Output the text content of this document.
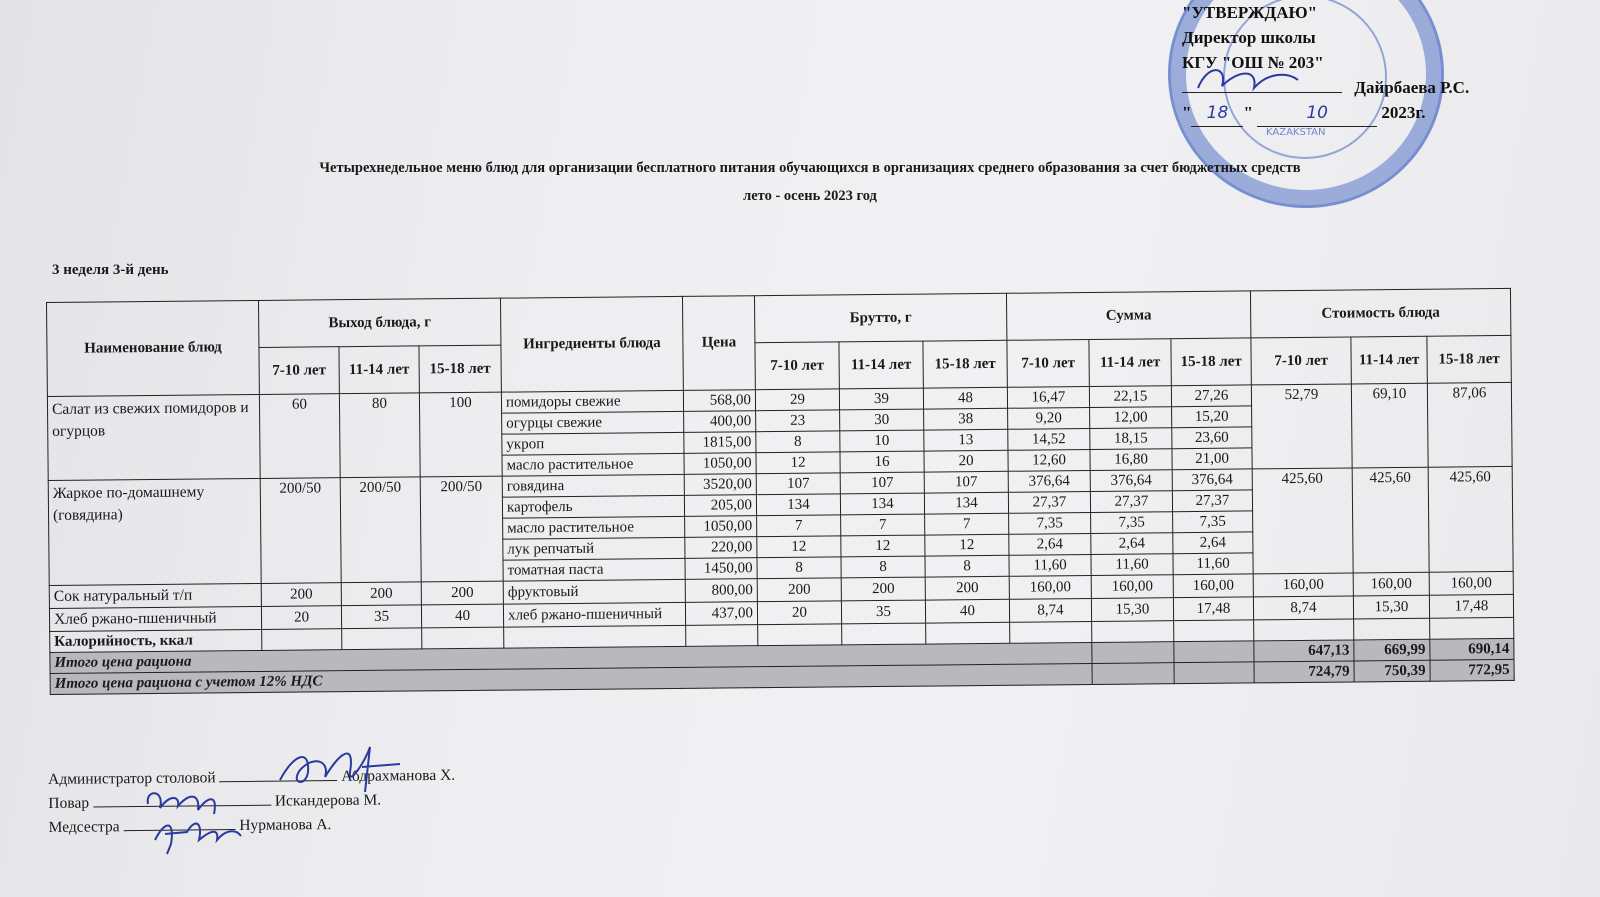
KAZAKSTAN
"УТВЕРЖДАЮ"
Директор школы
КГУ "ОШ № 203"
Дайрбаева Р.С.
" 18 "	10	2023г.
Четырехнедельное меню блюд для организации бесплатного питания обучающихся в организациях среднего образования за счет бюджетных средств
лето - осень 2023 год
3 неделя 3-й день
Наименование блюд	Выход блюда, г			Ингредиенты блюда	Цена	Брутто, г			Сумма			Стоимость блюда		
	7-10 лет	11-14 лет	15-18 лет			7-10 лет	11-14 лет	15-18 лет	7-10 лет	11-14 лет	15-18 лет	7-10 лет	11-14 лет	15-18 лет
Салат из свежих помидоров и огурцов	60	80	100	помидоры свежие	568,00	29	39	48	16,47	22,15	27,26	52,79	69,10	87,06
				огурцы свежие	400,00	23	30	38	9,20	12,00	15,20			
				укроп	1815,00	8	10	13	14,52	18,15	23,60			
				масло растительное	1050,00	12	16	20	12,60	16,80	21,00			
Жаркое по-домашнему (говядина)	200/50	200/50	200/50	говядина	3520,00	107	107	107	376,64	376,64	376,64	425,60	425,60	425,60
				картофель	205,00	134	134	134	27,37	27,37	27,37			
				масло растительное	1050,00	7	7	7	7,35	7,35	7,35			
				лук репчатый	220,00	12	12	12	2,64	2,64	2,64			
				томатная паста	1450,00	8	8	8	11,60	11,60	11,60			
Сок натуральный т/п	200	200	200	фруктовый	800,00	200	200	200	160,00	160,00	160,00	160,00	160,00	160,00
Хлеб ржано-пшеничный	20	35	40	хлеб ржано-пшеничный	437,00	20	35	40	8,74	15,30	17,48	8,74	15,30	17,48
Калорийность, ккал														
Итого цена рациона												647,13	669,99	690,14
Итого цена рациона с учетом 12% НДС												724,79	750,39	772,95
Администратор столовой	Абдрахманова Х.
Повар	Искандерова М.
Медсестра	Нурманова А.
